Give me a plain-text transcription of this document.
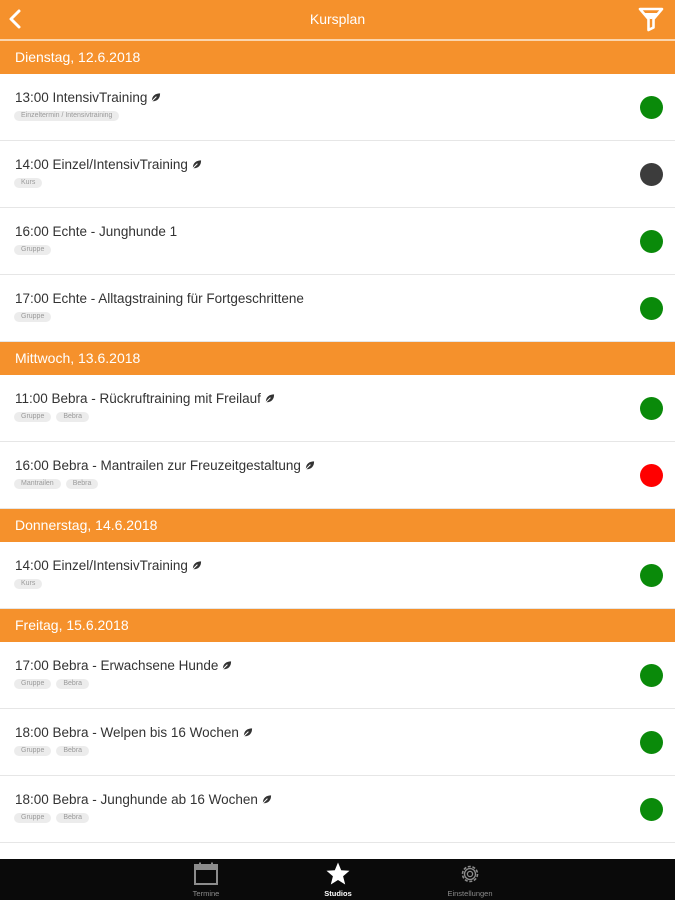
Kursplan
Dienstag, 12.6.2018
13:00 IntensivTraining
Einzeltermin / Intensivtraining
14:00 Einzel/IntensivTraining
Kurs
16:00 Echte - Junghunde 1
Gruppe
17:00 Echte - Alltagstraining für Fortgeschrittene
Gruppe
Mittwoch, 13.6.2018
11:00 Bebra - Rückruftraining mit Freilauf
Gruppe	Bebra
16:00 Bebra - Mantrailen zur Freuzeitgestaltung
Mantrailen	Bebra
Donnerstag, 14.6.2018
14:00 Einzel/IntensivTraining
Kurs
Freitag, 15.6.2018
17:00 Bebra - Erwachsene Hunde
Gruppe	Bebra
18:00 Bebra - Welpen bis 16 Wochen
Gruppe	Bebra
18:00 Bebra - Junghunde ab 16 Wochen
Gruppe	Bebra
Termine	Studios	Einstellungen
